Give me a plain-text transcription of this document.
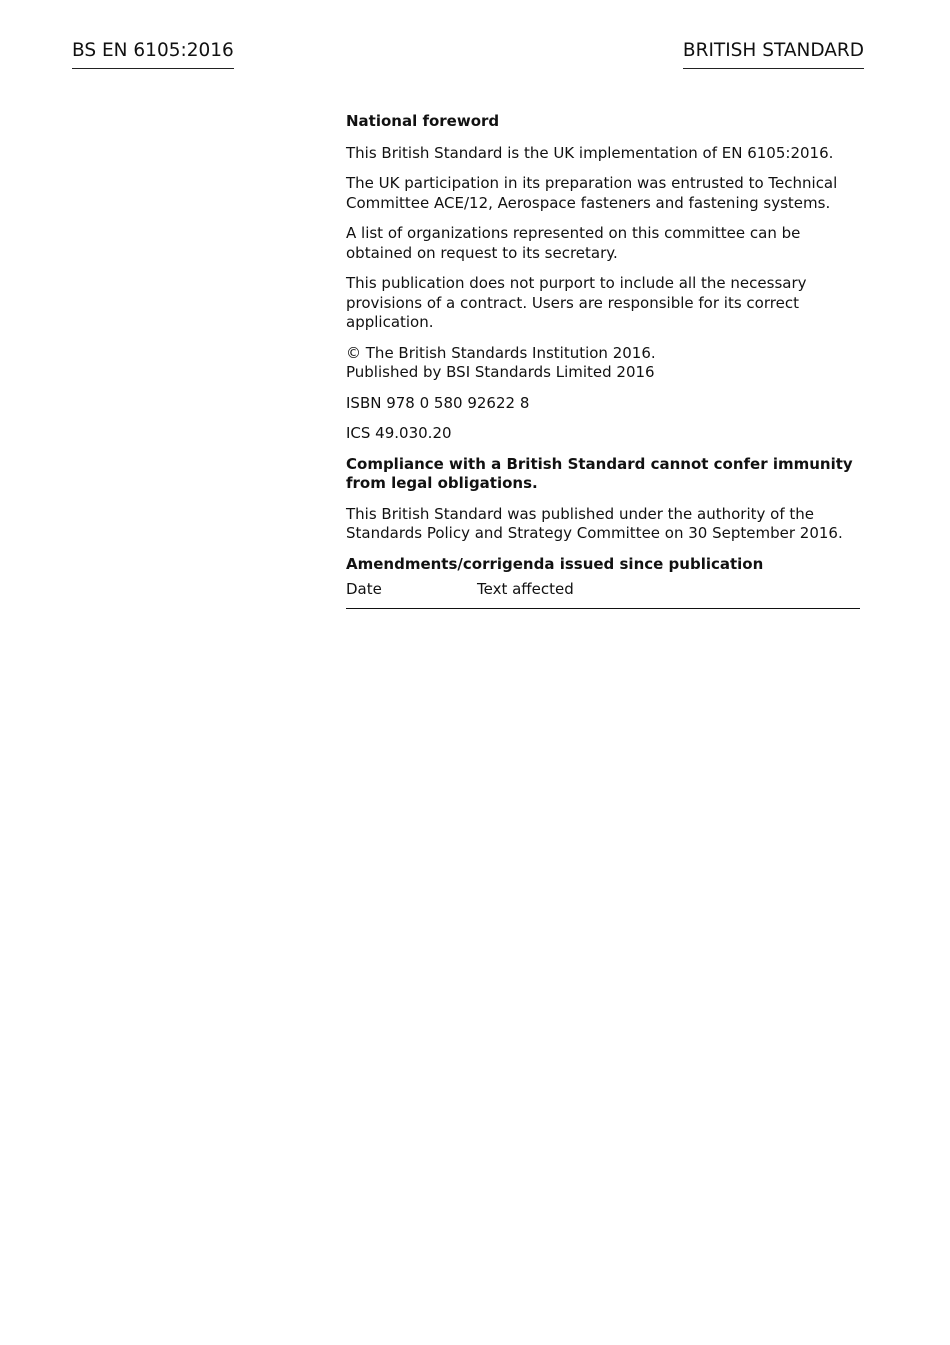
BS EN 6105:2016	BRITISH STANDARD

National foreword

This British Standard is the UK implementation of EN 6105:2016.

The UK participation in its preparation was entrusted to Technical Committee ACE/12, Aerospace fasteners and fastening systems.

A list of organizations represented on this committee can be obtained on request to its secretary.

This publication does not purport to include all the necessary provisions of a contract. Users are responsible for its correct application.

© The British Standards Institution 2016.
Published by BSI Standards Limited 2016

ISBN 978 0 580 92622 8

ICS 49.030.20

Compliance with a British Standard cannot confer immunity from legal obligations.

This British Standard was published under the authority of the Standards Policy and Strategy Committee on 30 September 2016.

Amendments/corrigenda issued since publication

Date	Text affected
